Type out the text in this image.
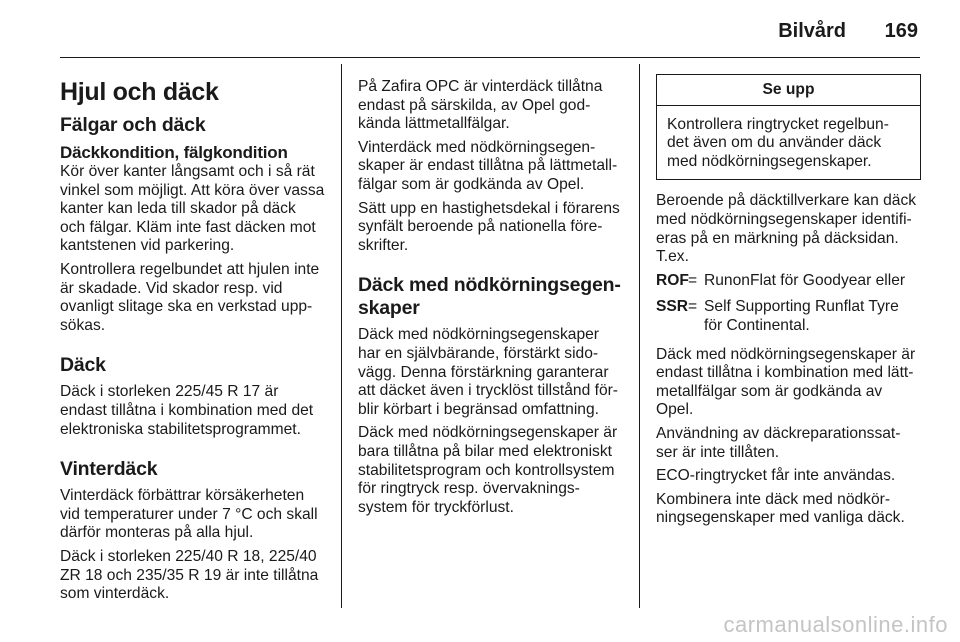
Bilvård 169
Hjul och däck
Fälgar och däck
Däckkondition, fälgkondition

Kör över kanter långsamt och i så rät vinkel som möjligt. Att köra över vassa kanter kan leda till skador på däck och fälgar. Kläm inte fast däcken mot kantstenen vid parkering.

Kontrollera regelbundet att hjulen inte är skadade. Vid skador resp. vid ovanligt slitage ska en verkstad upp-sökas.

Däck

Däck i storleken 225/45 R 17 är endast tillåtna i kombination med det elektroniska stabilitetsprogrammet.

Vinterdäck

Vinterdäck förbättrar körsäkerheten vid temperaturer under 7 °C och skall därför monteras på alla hjul.

Däck i storleken 225/40 R 18, 225/40 ZR 18 och 235/35 R 19 är inte tillåtna som vinterdäck.

På Zafira OPC är vinterdäck tillåtna endast på särskilda, av Opel god-kända lättmetallfälgar.

Vinterdäck med nödkörningsegen-skaper är endast tillåtna på lättmetall-fälgar som är godkända av Opel.

Sätt upp en hastighetsdekal i förarens synfält beroende på nationella före-skrifter.

Däck med nödkörningsegen-skaper

Däck med nödkörningsegenskaper har en självbärande, förstärkt sido-vägg. Denna förstärkning garanterar att däcket även i trycklöst tillstånd för-blir körbart i begränsad omfattning.

Däck med nödkörningsegenskaper är bara tillåtna på bilar med elektroniskt stabilitetsprogram och kontrollsystem för ringtryck resp. övervaknings-system för tryckförlust.

Se upp
Kontrollera ringtrycket regelbun-det även om du använder däck med nödkörningsegenskaper.

Beroende på däcktillverkare kan däck med nödkörningsegenskaper identifi-eras på en märkning på däcksidan. T.ex.

ROF = RunonFlat för Goodyear eller
SSR = Self Supporting Runflat Tyre för Continental.

Däck med nödkörningsegenskaper är endast tillåtna i kombination med lätt-metallfälgar som är godkända av Opel.

Användning av däckreparationssat-ser är inte tillåten.

ECO-ringtrycket får inte användas.

Kombinera inte däck med nödkör-ningsegenskaper med vanliga däck.

carmanualsonline.info
